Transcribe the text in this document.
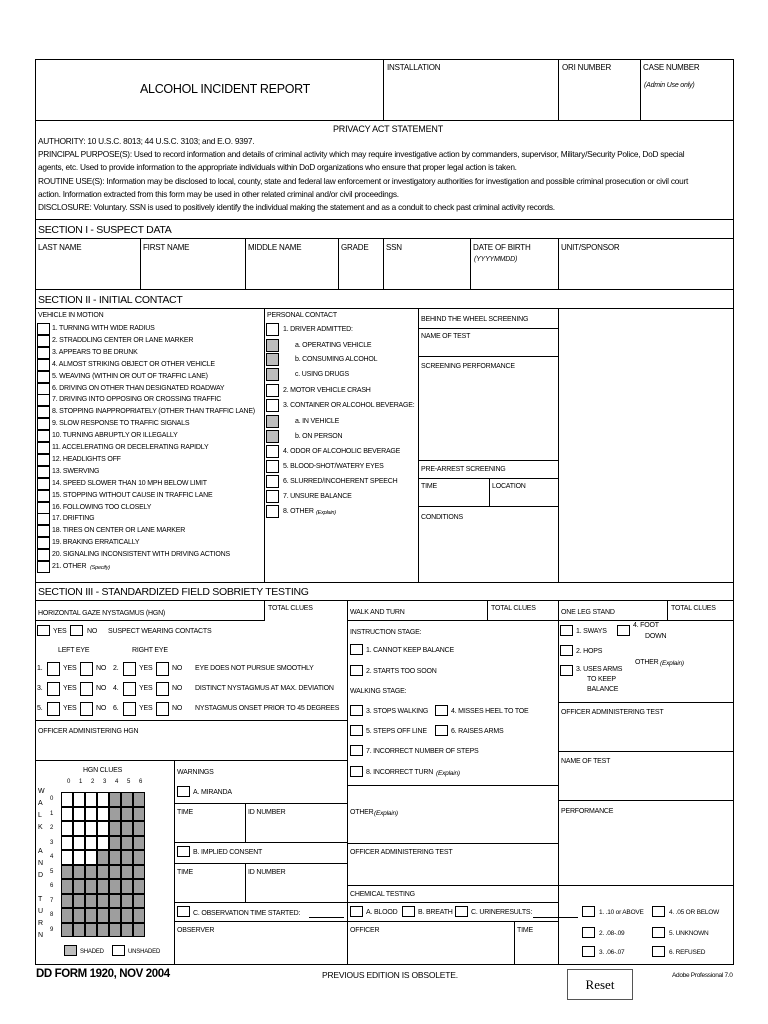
ALCOHOL INCIDENT REPORT
INSTALLATION	ORI NUMBER	CASE NUMBER
(Admin Use only)
PRIVACY ACT STATEMENT
AUTHORITY: 10 U.S.C. 8013; 44 U.S.C. 3103; and E.O. 9397.
PRINCIPAL PURPOSE(S): Used to record information and details of criminal activity which may require investigative action by commanders, supervisor, Military/Security Police, DoD special
agents, etc. Used to provide information to the appropriate individuals within DoD organizations who ensure that proper legal action is taken.
ROUTINE USE(S): Information may be disclosed to local, county, state and federal law enforcement or investigatory authorities for investigation and possible criminal prosecution or civil court
action. Information extracted from this form may be used in other related criminal and/or civil proceedings.
DISCLOSURE: Voluntary. SSN is used to positively identify the individual making the statement and as a conduit to check past criminal activity records.
SECTION I - SUSPECT DATA
LAST NAME	FIRST NAME	MIDDLE NAME	GRADE SSN	DATE OF BIRTH
(YYYYMMDD)
UNIT/SPONSOR
SECTION II - INITIAL CONTACT
VEHICLE IN MOTION
1. TURNING WITH WIDE RADIUS
2. STRADDLING CENTER OR LANE MARKER
3. APPEARS TO BE DRUNK
4. ALMOST STRIKING OBJECT OR OTHER VEHICLE
5. WEAVING (WITHIN OR OUT OF TRAFFIC LANE)
6. DRIVING ON OTHER THAN DESIGNATED ROADWAY
7. DRIVING INTO OPPOSING OR CROSSING TRAFFIC
8. STOPPING INAPPROPRIATELY (OTHER THAN TRAFFIC LANE)
9. SLOW RESPONSE TO TRAFFIC SIGNALS
10. TURNING ABRUPTLY OR ILLEGALLY
11. ACCELERATING OR DECELERATING RAPIDLY
12. HEADLIGHTS OFF
13. SWERVING
14. SPEED SLOWER THAN 10 MPH BELOW LIMIT
15. STOPPING WITHOUT CAUSE IN TRAFFIC LANE
16. FOLLOWING TOO CLOSELY
17. DRIFTING
18. TIRES ON CENTER OR LANE MARKER
19. BRAKING ERRATICALLY
20. SIGNALING INCONSISTENT WITH DRIVING ACTIONS
21. OTHER (Specify)
PERSONAL CONTACT
1. DRIVER ADMITTED:
a. OPERATING VEHICLE
b. CONSUMING ALCOHOL
c. USING DRUGS
2. MOTOR VEHICLE CRASH
3. CONTAINER OR ALCOHOL BEVERAGE:
a. IN VEHICLE
b. ON PERSON
4. ODOR OF ALCOHOLIC BEVERAGE
5. BLOOD-SHOT/WATERY EYES
6. SLURRED/INCOHERENT SPEECH
7. UNSURE BALANCE
8. OTHER (Explain)
BEHIND THE WHEEL SCREENING
NAME OF TEST
SCREENING PERFORMANCE
PRE-ARREST SCREENING
TIME	LOCATION
CONDITIONS
SECTION III - STANDARDIZED FIELD SOBRIETY TESTING
HORIZONTAL GAZE NYSTAGMUS (HGN)
TOTAL CLUES
YES	NO SUSPECT WEARING CONTACTS
LEFT EYE	RIGHT EYE
1.	YES	NO 2.	YES	NO EYE DOES NOT PURSUE SMOOTHLY
3.	YES	NO 4.	YES	NO DISTINCT NYSTAGMUS AT MAX. DEVIATION
5.	YES	NO 6.	YES	NO NYSTAGMUS ONSET PRIOR TO 45 DEGREES
OFFICER ADMINISTERING HGN
HGN CLUES
0 1 2 3 4 5 6
0
1
2
3
4
5
6
7
8
9
W
A
L
K
A
N
D
T
U
R
N
SHADED	UNSHADED
WARNINGS
A. MIRANDA
TIME	ID NUMBER
B. IMPLIED CONSENT
TIME	ID NUMBER
C. OBSERVATION TIME STARTED:
OBSERVER
WALK AND TURN
TOTAL CLUES
INSTRUCTION STAGE:
1. CANNOT KEEP BALANCE
2. STARTS TOO SOON
WALKING STAGE:
3. STOPS WALKING	4. MISSES HEEL TO TOE
5. STEPS OFF LINE	6. RAISES ARMS
7. INCORRECT NUMBER OF STEPS
8. INCORRECT TURN (Explain)
OTHER (Explain)
OFFICER ADMINISTERING TEST
CHEMICAL TESTING
A. BLOOD	B. BREATH	C. URINE RESULTS:
OFFICER	TIME
1. .10 or ABOVE
2. .08-.09
3. .06-.07
4. .05 OR BELOW
5. UNKNOWN
6. REFUSED
ONE LEG STAND
TOTAL CLUES
1. SWAYS
4. FOOT
DOWN
2. HOPS
3. USES ARMS
TO KEEP
BALANCE
OTHER (Explain)
OFFICER ADMINISTERING TEST
NAME OF TEST
PERFORMANCE
DD FORM 1920, NOV 2004	PREVIOUS EDITION IS OBSOLETE.
Reset
Adobe Professional 7.0
